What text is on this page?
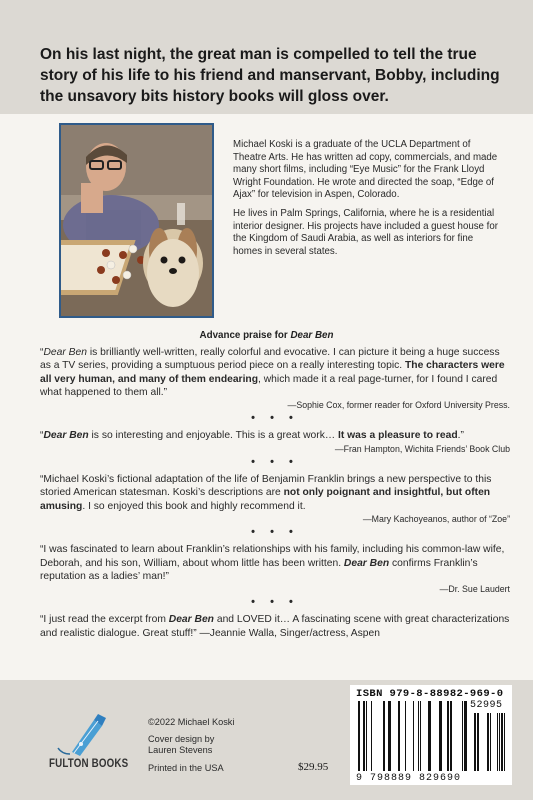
On his last night, the great man is compelled to tell the true story of his life to his friend and manservant, Bobby, including the unsavory bits history books will gloss over.

Michael Koski is a graduate of the UCLA Department of Theatre Arts. He has written ad copy, commercials, and made many short films, including “Eye Music” for the Frank Lloyd Wright Foundation. He wrote and directed the soap, “Edge of Ajax” for television in Aspen, Colorado.

He lives in Palm Springs, California, where he is a residential interior designer. His projects have included a guest house for the Kingdom of Saudi Arabia, as well as interiors for fine homes in several states.

Advance praise for Dear Ben

“Dear Ben is brilliantly well-written, really colorful and evocative. I can picture it being a huge success as a TV series, providing a sumptuous period piece on a really interesting topic. The characters were all very human, and many of them endearing, which made it a real page-turner, for I found I cared what happened to them all.”
—Sophie Cox, former reader for Oxford University Press.

• • •

“Dear Ben is so interesting and enjoyable. This is a great work… It was a pleasure to read.”
—Fran Hampton, Wichita Friends’ Book Club

• • •

“Michael Koski’s fictional adaptation of the life of Benjamin Franklin brings a new perspective to this storied American statesman. Koski’s descriptions are not only poignant and insightful, but often amusing. I so enjoyed this book and highly recommend it.
—Mary Kachoyeanos, author of “Zoe”

• • •

“I was fascinated to learn about Franklin’s relationships with his family, including his common-law wife, Deborah, and his son, William, about whom little has been written. Dear Ben confirms Franklin’s reputation as a ladies’ man!”
—Dr. Sue Laudert

• • •

“I just read the excerpt from Dear Ben and LOVED it… A fascinating scene with great characterizations and realistic dialogue. Great stuff!” —Jeannie Walla, Singer/actress, Aspen

FULTON BOOKS
©2022 Michael Koski
Cover design by
Lauren Stevens
Printed in the USA	$29.95
ISBN 979-8-88982-969-0
9 798889 829690
52995
